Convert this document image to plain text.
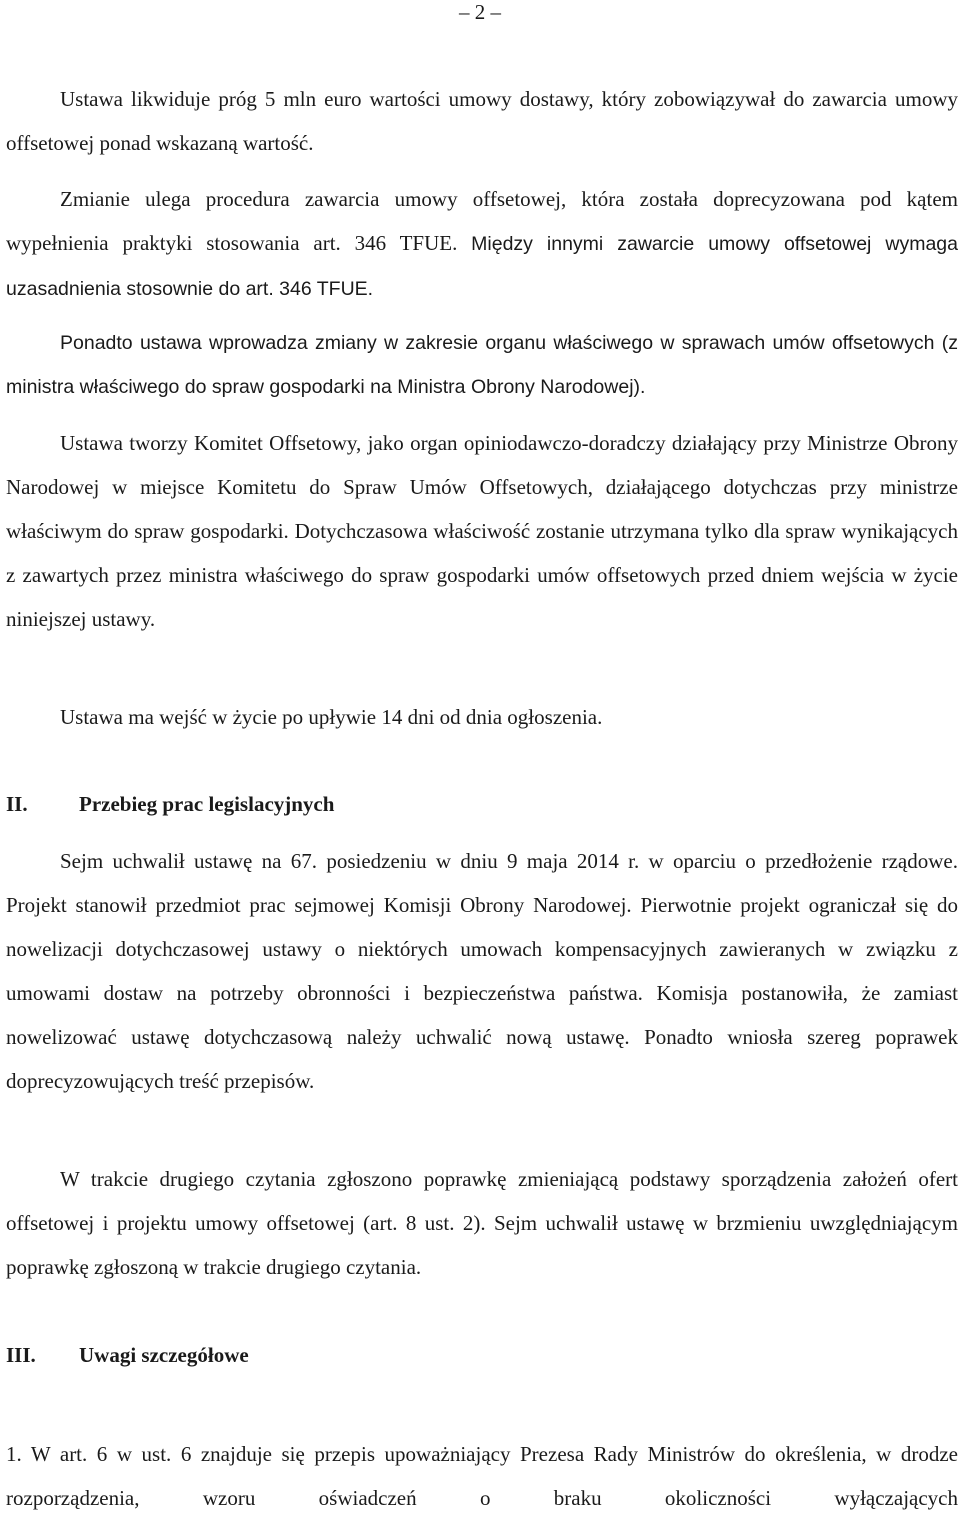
– 2 –

Ustawa likwiduje próg 5 mln euro wartości umowy dostawy, który zobowiązywał do zawarcia umowy offsetowej ponad wskazaną wartość.

Zmianie ulega procedura zawarcia umowy offsetowej, która została doprecyzowana pod kątem wypełnienia praktyki stosowania art. 346 TFUE. Między innymi zawarcie umowy offsetowej wymaga uzasadnienia stosownie do art. 346 TFUE.

Ponadto ustawa wprowadza zmiany w zakresie organu właściwego w sprawach umów offsetowych (z ministra właściwego do spraw gospodarki na Ministra Obrony Narodowej).

Ustawa tworzy Komitet Offsetowy, jako organ opiniodawczo-doradczy działający przy Ministrze Obrony Narodowej w miejsce Komitetu do Spraw Umów Offsetowych, działającego dotychczas przy ministrze właściwym do spraw gospodarki. Dotychczasowa właściwość zostanie utrzymana tylko dla spraw wynikających z zawartych przez ministra właściwego do spraw gospodarki umów offsetowych przed dniem wejścia w życie niniejszej ustawy.

Ustawa ma wejść w życie po upływie 14 dni od dnia ogłoszenia.

II. Przebieg prac legislacyjnych

Sejm uchwalił ustawę na 67. posiedzeniu w dniu 9 maja 2014 r. w oparciu o przedłożenie rządowe. Projekt stanowił przedmiot prac sejmowej Komisji Obrony Narodowej. Pierwotnie projekt ograniczał się do nowelizacji dotychczasowej ustawy o niektórych umowach kompensacyjnych zawieranych w związku z umowami dostaw na potrzeby obronności i bezpieczeństwa państwa. Komisja postanowiła, że zamiast nowelizować ustawę dotychczasową należy uchwalić nową ustawę. Ponadto wniosła szereg poprawek doprecyzowujących treść przepisów.

W trakcie drugiego czytania zgłoszono poprawkę zmieniającą podstawy sporządzenia założeń ofert offsetowej i projektu umowy offsetowej (art. 8 ust. 2). Sejm uchwalił ustawę w brzmieniu uwzględniającym poprawkę zgłoszoną w trakcie drugiego czytania.

III. Uwagi szczegółowe

1. W art. 6 w ust. 6 znajduje się przepis upoważniający Prezesa Rady Ministrów do określenia, w drodze rozporządzenia, wzoru oświadczeń o braku okoliczności wyłączających
